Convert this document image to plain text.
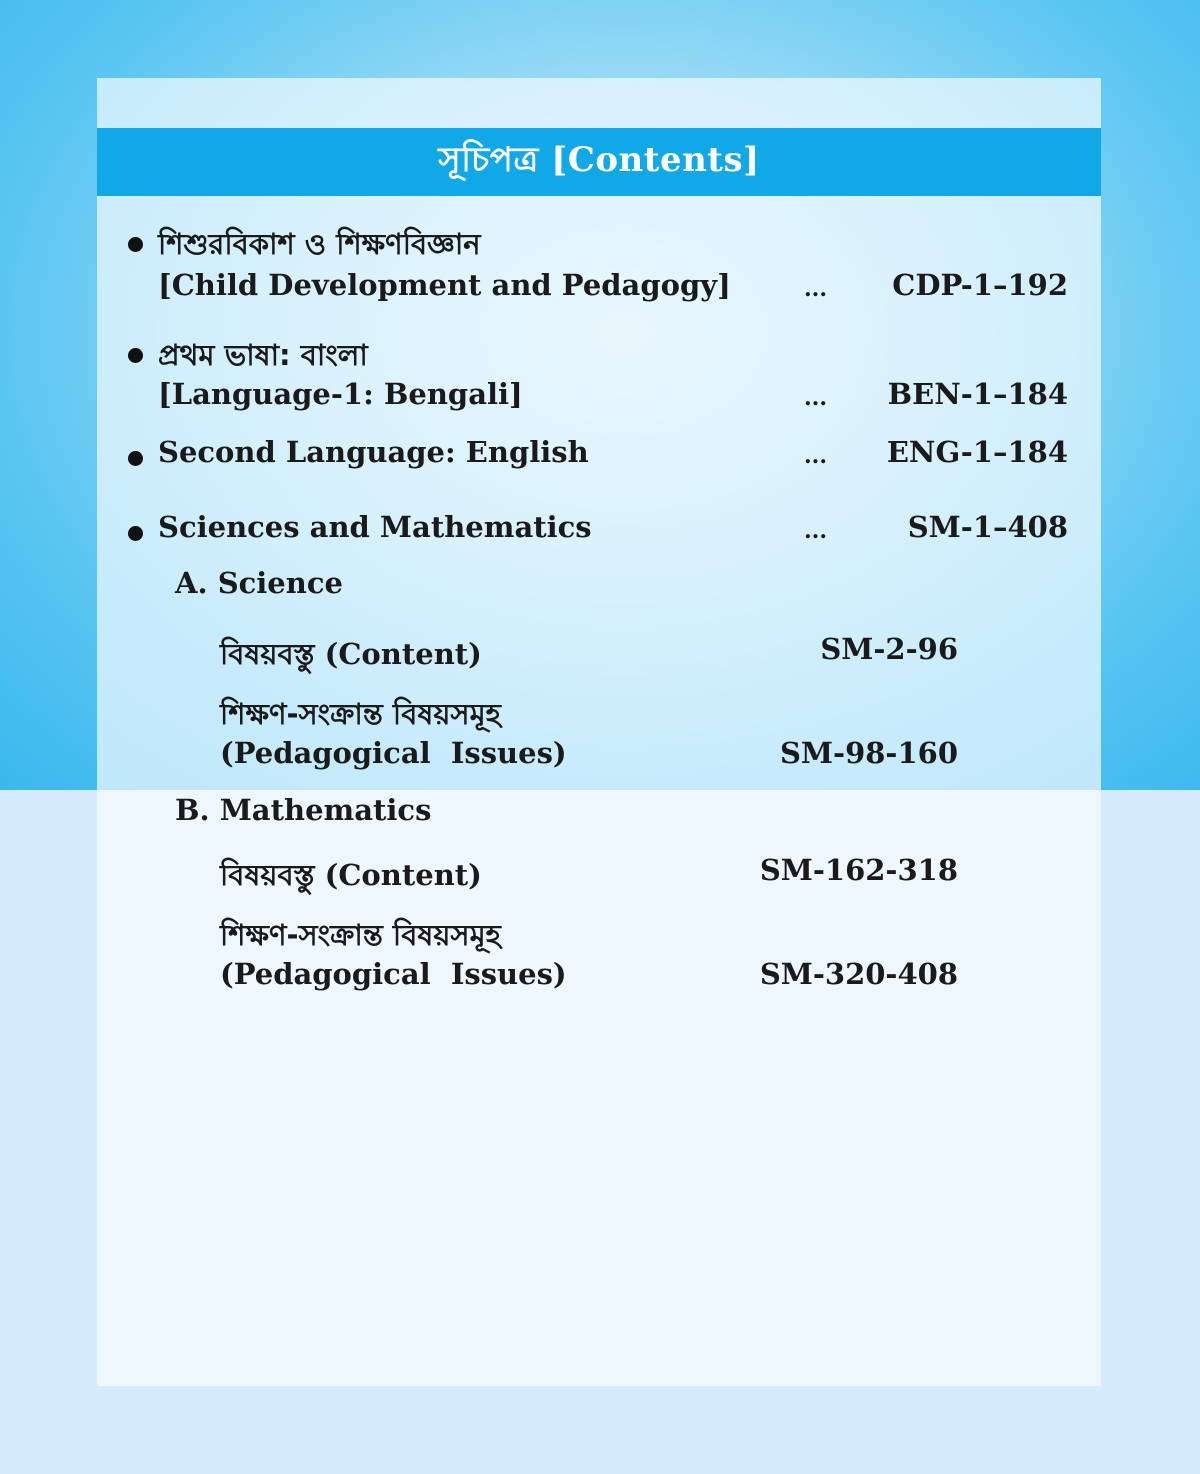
সূচিপত্র [Contents]
শিশুরবিকাশ ও শিক্ষণবিজ্ঞান
[Child Development and Pedagogy]	... CDP-1–192
প্রথম ভাষা: বাংলা
[Language-1: Bengali]	... BEN-1–184
Second Language: English	... ENG-1–184
Sciences and Mathematics	...	SM-1–408
A. Science
বিষয়বস্তু (Content)	SM-2-96
শিক্ষণ-সংক্রান্ত বিষয়সমূহ
(Pedagogical  Issues)	SM-98-160
B. Mathematics
বিষয়বস্তু (Content)	SM-162-318
শিক্ষণ-সংক্রান্ত বিষয়সমূহ
(Pedagogical  Issues)	SM-320-408
